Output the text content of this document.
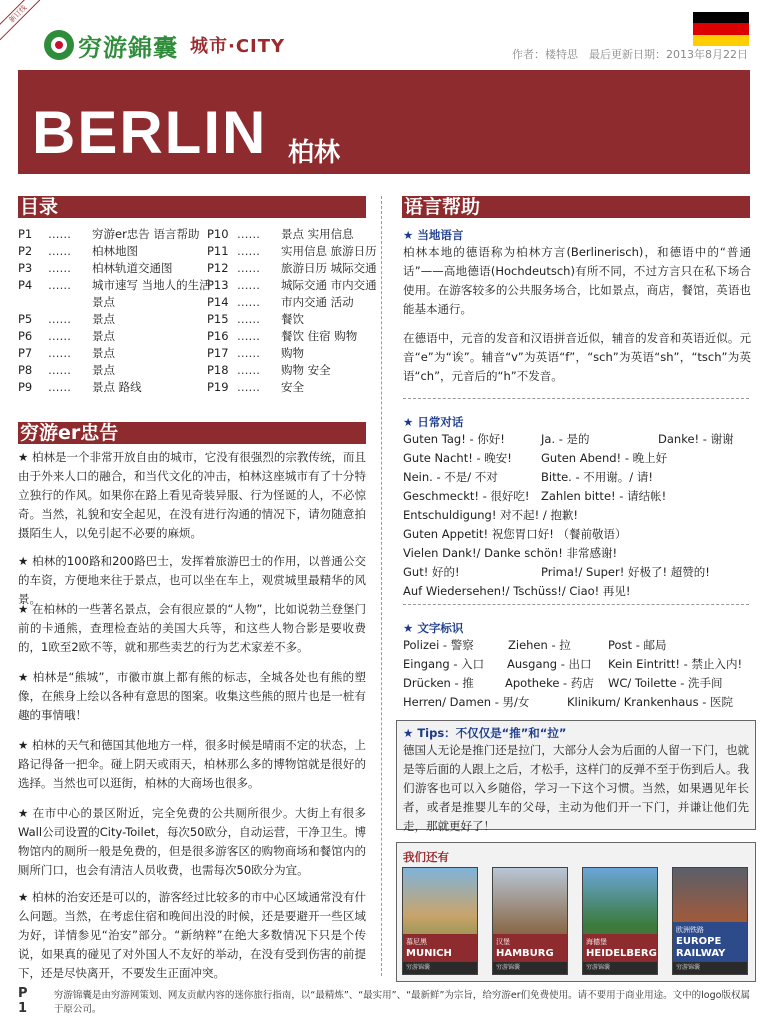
新订线
穷游錦囊 城市·CITY	作者：楼特思　最后更新日期：2013年8月22日
BERLIN 柏林
目录
P1	……	穷游er忠告 语言帮助
P2	……	柏林地图
P3	……	柏林轨道交通图
P4	……	城市速写 当地人的生活
景点
P5	……	景点
P6	……	景点
P7	……	景点
P8	……	景点
P9	……	景点 路线
P10 ……	景点 实用信息
P11 ……	实用信息 旅游日历
P12 ……	旅游日历 城际交通
P13 ……	城际交通 市内交通
P14 ……	市内交通 活动
P15 ……	餐饮
P16 ……	餐饮 住宿 购物
P17 ……	购物
P18 ……	购物 安全
P19 ……	安全
穷游er忠告
★ 柏林是一个非常开放自由的城市，它没有很强烈的宗教传统，而且由于外来人口的融合，和当代文化的冲击，柏林这座城市有了十分特立独行的作风。如果你在路上看见奇装异服、行为怪诞的人，不必惊奇。当然，礼貌和安全起见，在没有进行沟通的情况下，请勿随意拍摄陌生人，以免引起不必要的麻烦。
★ 柏林的100路和200路巴士，发挥着旅游巴士的作用，以普通公交的车资，方便地来往于景点，也可以坐在车上，观赏城里最精华的风景。
★ 在柏林的一些著名景点，会有很应景的“人物”，比如说勃兰登堡门前的卡通熊，查理检查站的美国大兵等，和这些人物合影是要收费的，1欧至2欧不等，就和那些卖艺的行为艺术家差不多。
★ 柏林是“熊城”，市徽市旗上都有熊的标志，全城各处也有熊的塑像，在熊身上绘以各种有意思的图案。收集这些熊的照片也是一桩有趣的事情哦！
★ 柏林的天气和德国其他地方一样，很多时候是晴雨不定的状态，上路记得备一把伞。碰上阴天或雨天，柏林那么多的博物馆就是很好的选择。当然也可以逛街，柏林的大商场也很多。
★ 在市中心的景区附近，完全免费的公共厕所很少。大街上有很多Wall公司设置的City-Toilet，每次50欧分，自动运营，干净卫生。博物馆内的厕所一般是免费的，但是很多游客区的购物商场和餐馆内的厕所门口，也会有清洁人员收费，也需每次50欧分为宜。
★ 柏林的治安还是可以的，游客经过比较多的市中心区域通常没有什么问题。当然，在考虑住宿和晚间出没的时候，还是要避开一些区域为好，详情参见“治安”部分。“新纳粹”在绝大多数情况下只是个传说，如果真的碰见了对外国人不友好的举动，在没有受到伤害的前提下，还是尽快离开，不要发生正面冲突。
语言帮助
★ 当地语言
柏林本地的德语称为柏林方言(Berlinerisch)，和德语中的“普通话”——高地德语(Hochdeutsch)有所不同，不过方言只在私下场合使用。在游客较多的公共服务场合，比如景点，商店，餐馆，英语也能基本通行。
在德语中，元音的发音和汉语拼音近似，辅音的发音和英语近似。元音“e”为“诶”。辅音“v”为英语“f”，“sch”为英语“sh”，“tsch”为英语“ch”，元音后的“h”不发音。
★ 日常对话
Guten Tag! - 你好!	Ja. - 是的	Danke! - 谢谢
Gute Nacht! - 晚安!	Guten Abend! - 晚上好
Nein. - 不是/ 不对	Bitte. - 不用谢。/ 请!
Geschmeckt! - 很好吃! Zahlen bitte! - 请结帐!
Entschuldigung! 对不起! / 抱歉!
Guten Appetit! 祝您胃口好! （餐前敬语）
Vielen Dank!/ Danke schön! 非常感谢!
Gut! 好的!	Prima!/ Super! 好极了! 超赞的!
Auf Wiedersehen!/ Tschüss!/ Ciao! 再见!
★ 文字标识
Polizei - 警察	Ziehen - 拉	Post - 邮局
Eingang - 入口 Ausgang - 出口 Kein Eintritt! - 禁止入内!
Drücken - 推	Apotheke - 药店 WC/ Toilette - 洗手间
Herren/ Damen - 男/女	Klinikum/ Krankenhaus - 医院
★ Tips：不仅仅是“推”和“拉”
德国人无论是推门还是拉门，大部分人会为后面的人留一下门，也就是等后面的人跟上之后，才松手，这样门的反弹不至于伤到后人。我们游客也可以入乡随俗，学习一下这个习惯。当然，如果遇见年长者，或者是推婴儿车的父母，主动为他们开一下门，并谦让他们先走，那就更好了！
我们还有
慕尼黑
MUNICH
穷游锦囊
汉堡
HAMBURG
穷游锦囊
海德堡
HEIDELBERG
穷游锦囊
欧洲铁路
EUROPE RAILWAY
穷游锦囊
P 1
穷游锦囊是由穷游网策划、网友贡献内容的迷你旅行指南，以“最精炼”、“最实用”、“最新鲜”为宗旨，给穷游er们免费使用。请不要用于商业用途。文中的logo版权属于原公司。
